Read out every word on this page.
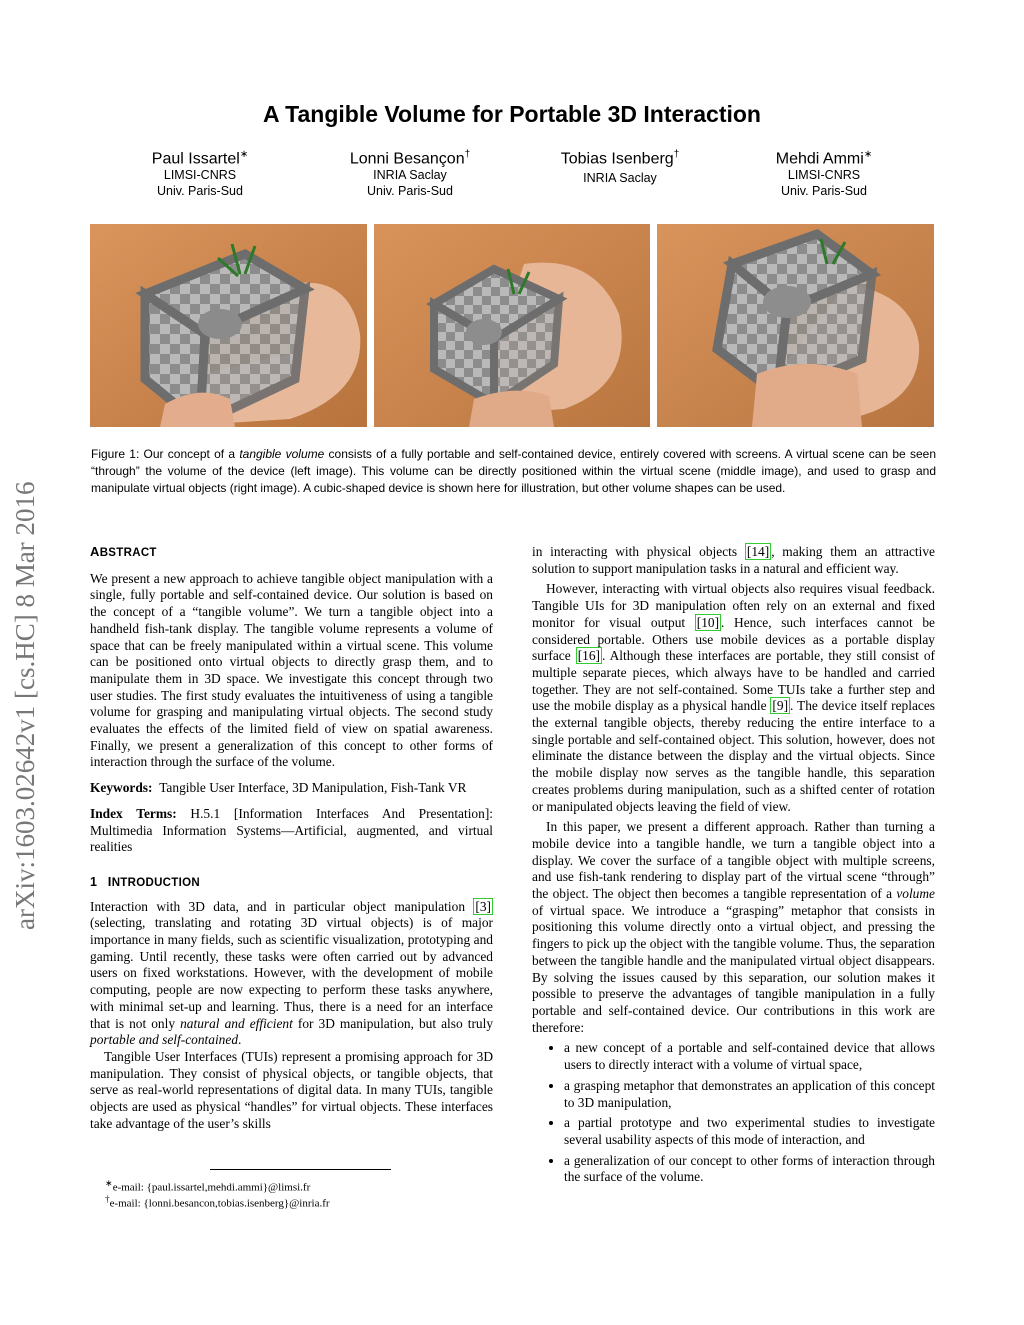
arXiv:1603.02642v1 [cs.HC] 8 Mar 2016
A Tangible Volume for Portable 3D Interaction
Paul Issartel∗
LIMSI-CNRS
Univ. Paris-Sud
Lonni Besançon†
INRIA Saclay
Univ. Paris-Sud
Tobias Isenberg†
INRIA Saclay
Mehdi Ammi∗
LIMSI-CNRS
Univ. Paris-Sud
Figure 1: Our concept of a tangible volume consists of a fully portable and self-contained device, entirely covered with screens. A virtual scene can be seen “through” the volume of the device (left image). This volume can be directly positioned within the virtual scene (middle image), and used to grasp and manipulate virtual objects (right image). A cubic-shaped device is shown here for illustration, but other volume shapes can be used.
ABSTRACT

We present a new approach to achieve tangible object manipulation with a single, fully portable and self-contained device. Our solution is based on the concept of a “tangible volume”. We turn a tangible object into a handheld fish-tank display. The tangible volume represents a volume of space that can be freely manipulated within a virtual scene. This volume can be positioned onto virtual objects to directly grasp them, and to manipulate them in 3D space. We investigate this concept through two user studies. The first study evaluates the intuitiveness of using a tangible volume for grasping and manipulating virtual objects. The second study evaluates the effects of the limited field of view on spatial awareness. Finally, we present a generalization of this concept to other forms of interaction through the surface of the volume.

Keywords: Tangible User Interface, 3D Manipulation, Fish-Tank VR

Index Terms: H.5.1 [Information Interfaces And Presentation]: Multimedia Information Systems—Artificial, augmented, and virtual realities

1 INTRODUCTION

Interaction with 3D data, and in particular object manipulation [3] (selecting, translating and rotating 3D virtual objects) is of major importance in many fields, such as scientific visualization, prototyping and gaming. Until recently, these tasks were often carried out by advanced users on fixed workstations. However, with the development of mobile computing, people are now expecting to perform these tasks anywhere, with minimal set-up and learning. Thus, there is a need for an interface that is not only natural and efficient for 3D manipulation, but also truly portable and self-contained.

Tangible User Interfaces (TUIs) represent a promising approach for 3D manipulation. They consist of physical objects, or tangible objects, that serve as real-world representations of digital data. In many TUIs, tangible objects are used as physical “handles” for virtual objects. These interfaces take advantage of the user’s skills

∗e-mail: {paul.issartel,mehdi.ammi}@limsi.fr
†e-mail: {lonni.besancon,tobias.isenberg}@inria.fr

in interacting with physical objects [14] , making them an attractive solution to support manipulation tasks in a natural and efficient way.

However, interacting with virtual objects also requires visual feedback. Tangible UIs for 3D manipulation often rely on an external and fixed monitor for visual output [10] . Hence, such interfaces cannot be considered portable. Others use mobile devices as a portable display surface [16] . Although these interfaces are portable, they still consist of multiple separate pieces, which always have to be handled and carried together. They are not self-contained. Some TUIs take a further step and use the mobile display as a physical handle [9] . The device itself replaces the external tangible objects, thereby reducing the entire interface to a single portable and self-contained object. This solution, however, does not eliminate the distance between the display and the virtual objects. Since the mobile display now serves as the tangible handle, this separation creates problems during manipulation, such as a shifted center of rotation or manipulated objects leaving the field of view.

In this paper, we present a different approach. Rather than turning a mobile device into a tangible handle, we turn a tangible object into a display. We cover the surface of a tangible object with multiple screens, and use fish-tank rendering to display part of the virtual scene “through” the object. The object then becomes a tangible representation of a volume of virtual space. We introduce a “grasping” metaphor that consists in positioning this volume directly onto a virtual object, and pressing the fingers to pick up the object with the tangible volume. Thus, the separation between the tangible handle and the manipulated virtual object disappears. By solving the issues caused by this separation, our solution makes it possible to preserve the advantages of tangible manipulation in a fully portable and self-contained device. Our contributions in this work are therefore:

• a new concept of a portable and self-contained device that allows users to directly interact with a volume of virtual space,
• a grasping metaphor that demonstrates an application of this concept to 3D manipulation,
• a partial prototype and two experimental studies to investigate several usability aspects of this mode of interaction, and
• a generalization of our concept to other forms of interaction through the surface of the volume.
